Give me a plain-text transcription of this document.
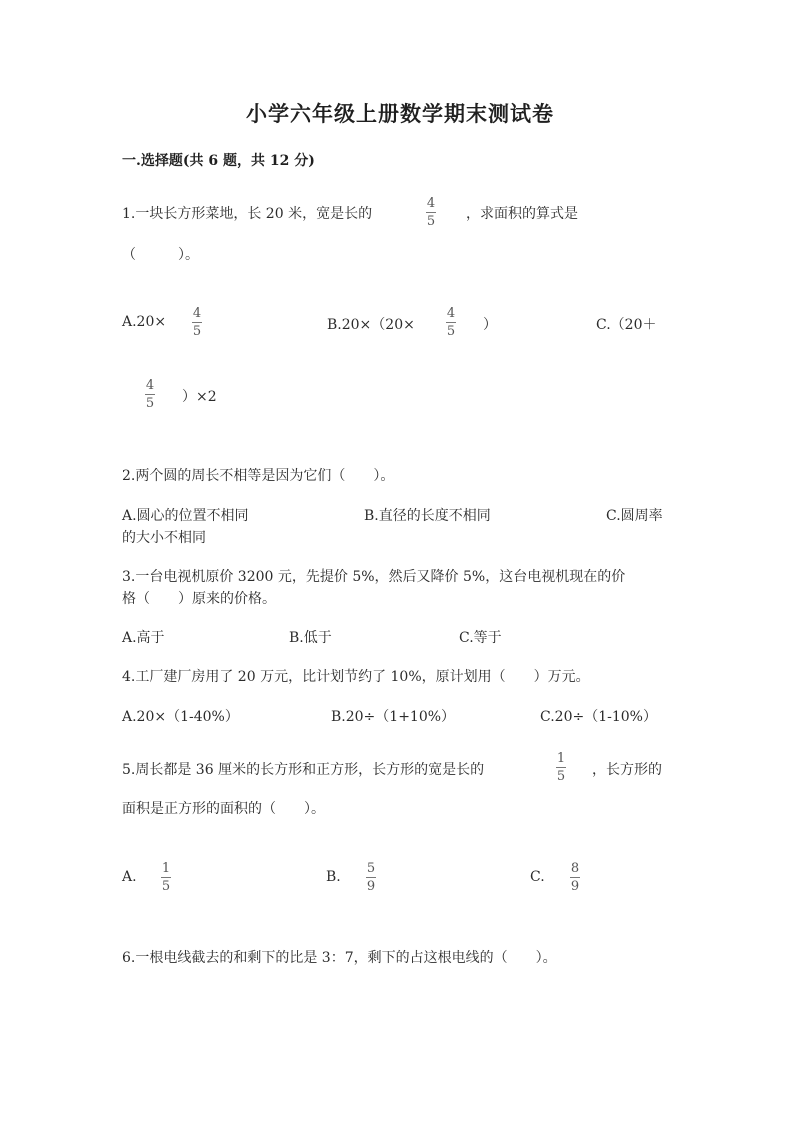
小学六年级上册数学期末测试卷
一.选择题(共 6 题，共 12 分)
1.一块长方形菜地，长 20 米，宽是长的
4
5 ，求面积的算式是
（　　　）。
A.20×
4
5	B.20×（20×
4
5 ）	C.（20＋
4
5 ）×2
2.两个圆的周长不相等是因为它们（　　）。
A.圆心的位置不相同	B.直径的长度不相同	C.圆周率
的大小不相同
3.一台电视机原价 3200 元，先提价 5%，然后又降价 5%，这台电视机现在的价
格（　　）原来的价格。
A.高于	B.低于	C.等于
4.工厂建厂房用了 20 万元，比计划节约了 10%，原计划用（　　）万元。
A.20×（1-40%）	B.20÷（1+10%）	C.20÷（1-10%）
5.周长都是 36 厘米的长方形和正方形，长方形的宽是长的
1
5 ，长方形的
面积是正方形的面积的（　　）。
A.
1
5
B.
5
9
C.
8
9
6.一根电线截去的和剩下的比是 3：7，剩下的占这根电线的（　　）。
